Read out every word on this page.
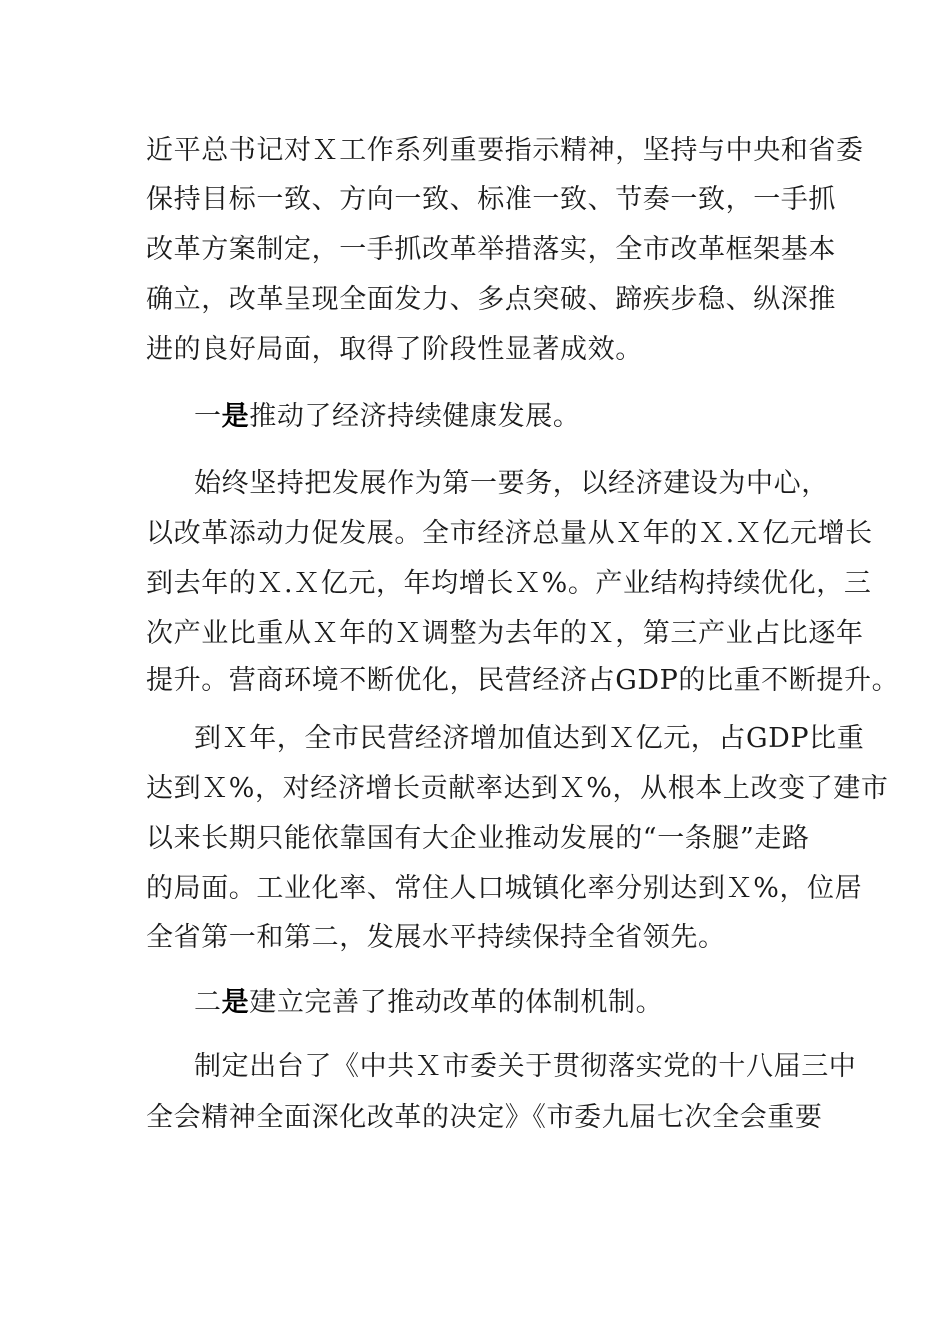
近平总书记对Ｘ工作系列重要指示精神，坚持与中央和省委
保持目标一致、方向一致、标准一致、节奏一致，一手抓
改革方案制定，一手抓改革举措落实，全市改革框架基本
确立，改革呈现全面发力、多点突破、蹄疾步稳、纵深推
进的良好局面，取得了阶段性显著成效。
一是推动了经济持续健康发展。
始终坚持把发展作为第一要务，以经济建设为中心，
以改革添动力促发展。全市经济总量从Ｘ年的Ｘ.Ｘ亿元增长
到去年的Ｘ.Ｘ亿元，年均增长Ｘ%。产业结构持续优化，三
次产业比重从Ｘ年的Ｘ调整为去年的Ｘ，第三产业占比逐年
提升。营商环境不断优化，民营经济占GDP的比重不断提升。
到Ｘ年，全市民营经济增加值达到Ｘ亿元，占GDP比重
达到Ｘ%，对经济增长贡献率达到Ｘ%，从根本上改变了建市
以来长期只能依靠国有大企业推动发展的“一条腿”走路
的局面。工业化率、常住人口城镇化率分别达到Ｘ%，位居
全省第一和第二，发展水平持续保持全省领先。
二是建立完善了推动改革的体制机制。
制定出台了《中共Ｘ市委关于贯彻落实党的十八届三中
全会精神全面深化改革的决定》《市委九届七次全会重要
